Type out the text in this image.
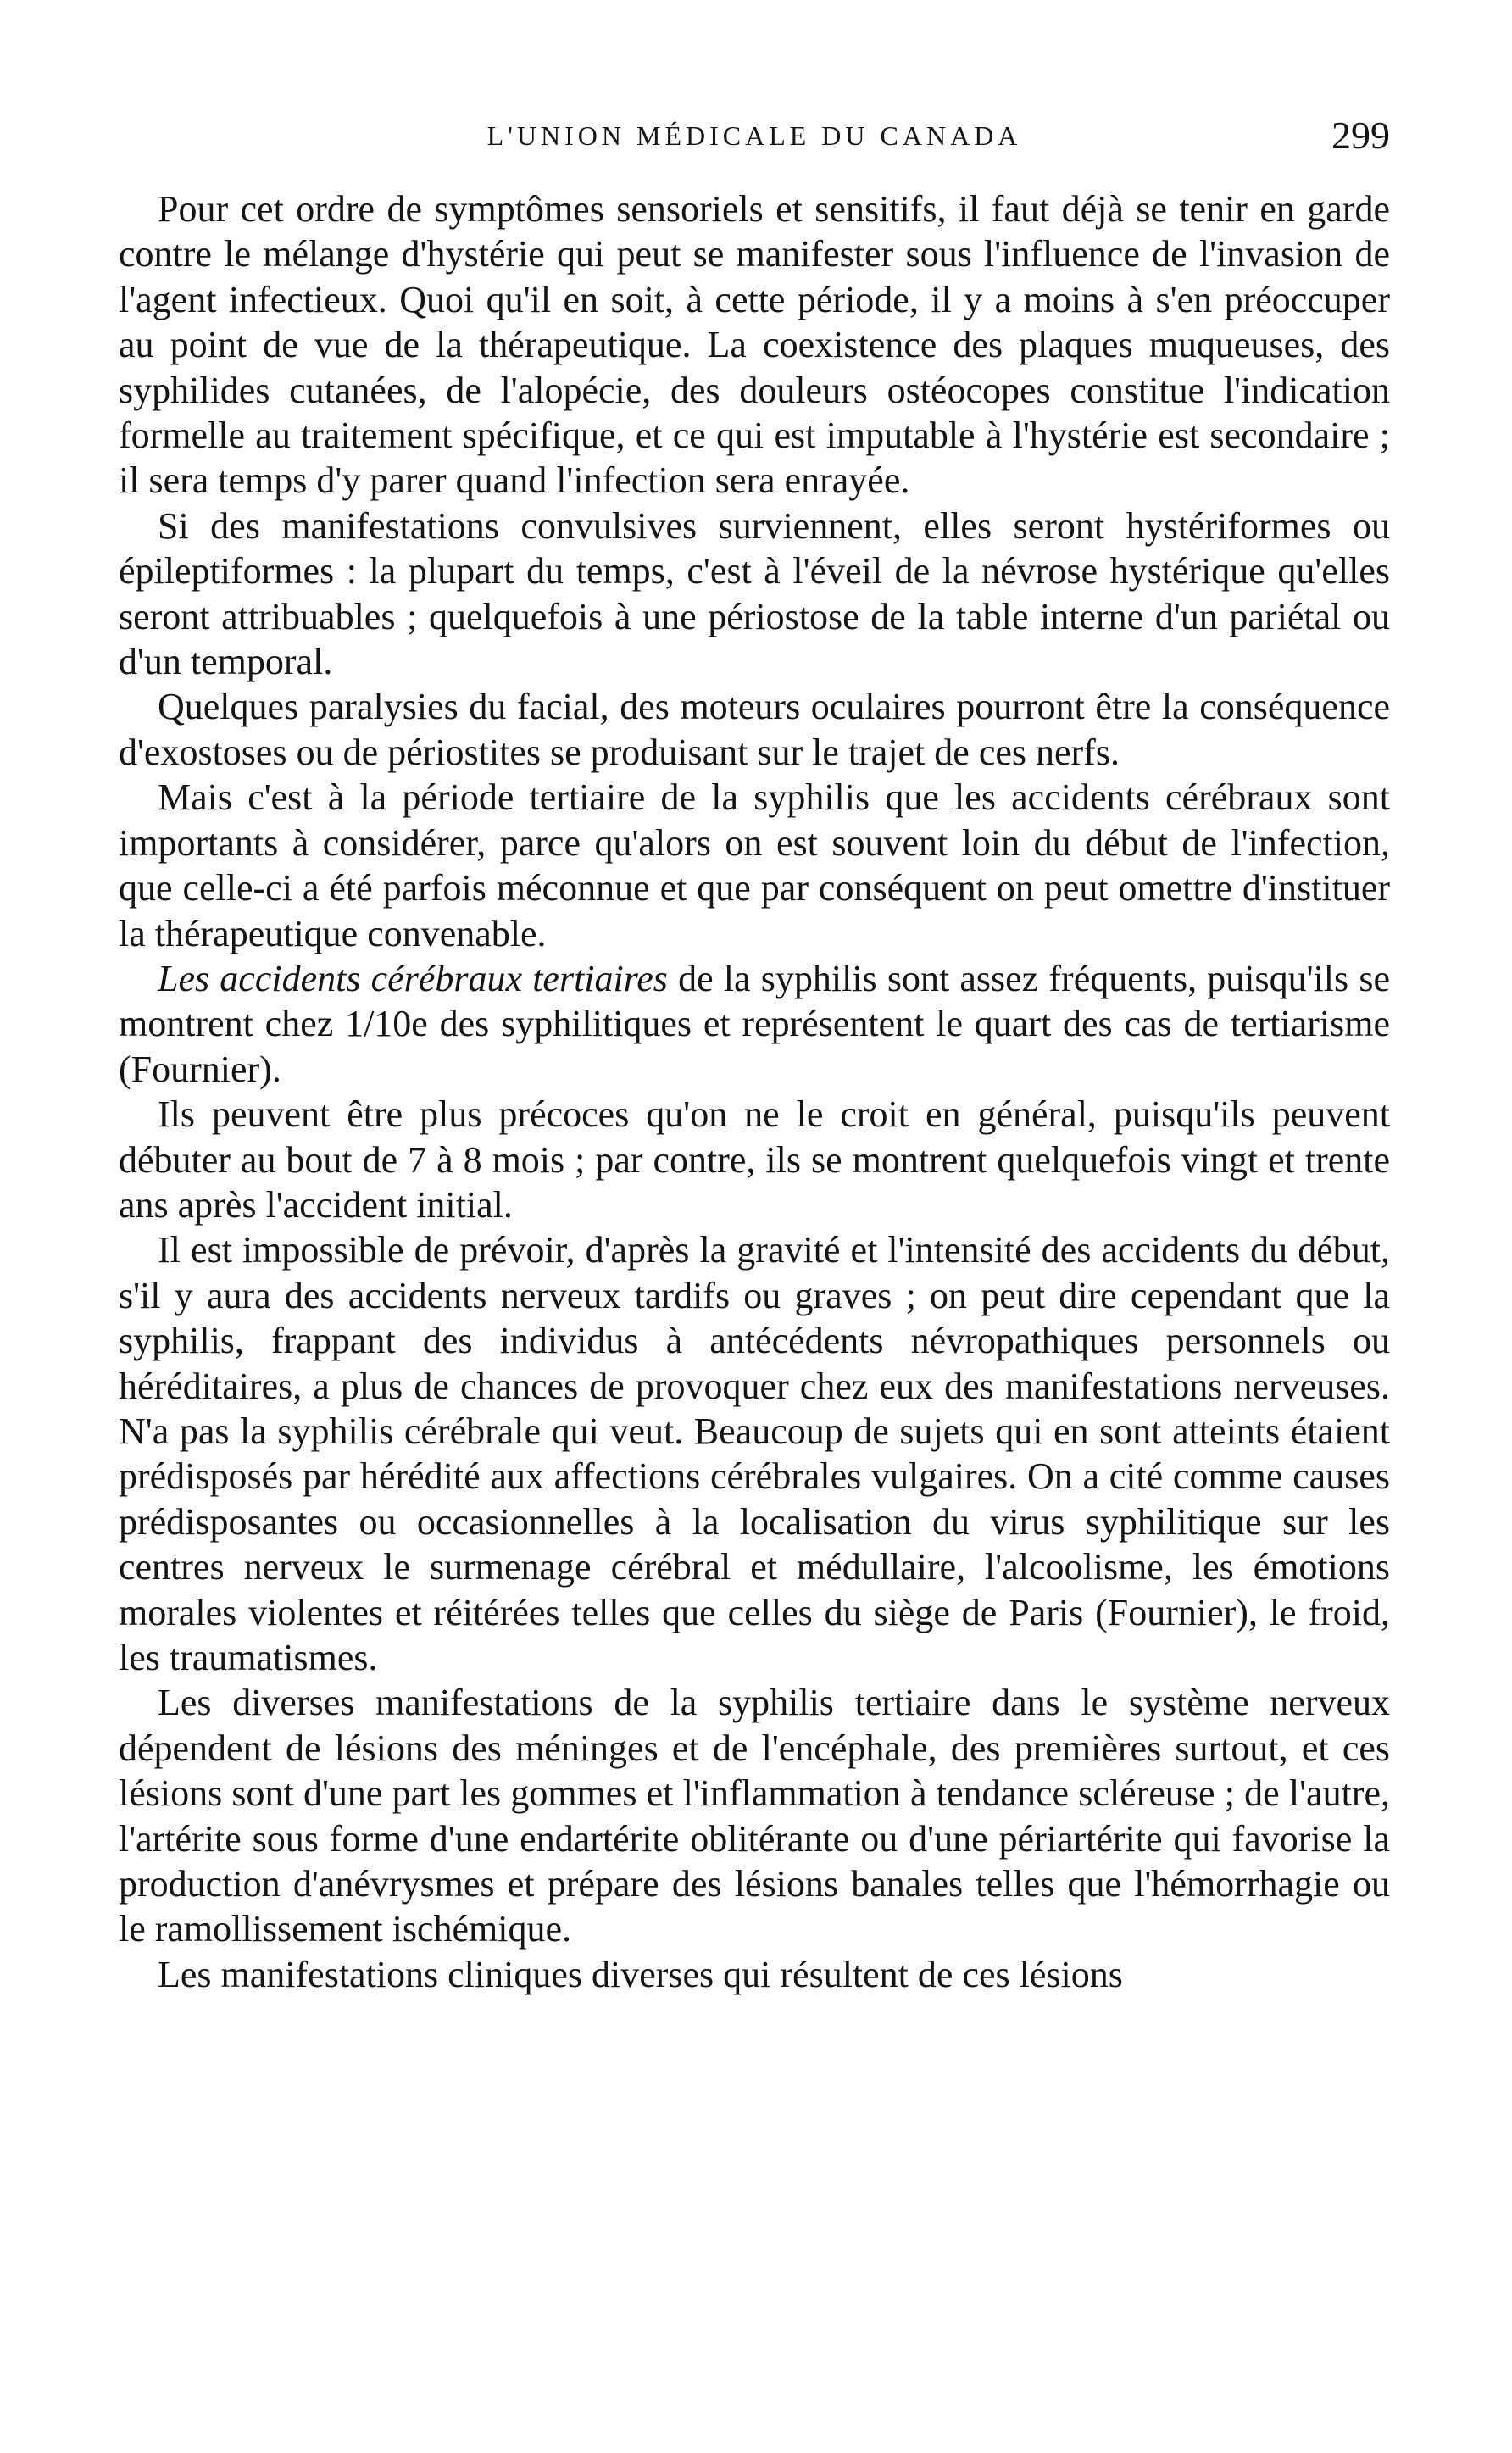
L'UNION MÉDICALE DU CANADA	299

Pour cet ordre de symptômes sensoriels et sensitifs, il faut déjà se tenir en garde contre le mélange d'hystérie qui peut se manifester sous l'influence de l'invasion de l'agent infectieux. Quoi qu'il en soit, à cette période, il y a moins à s'en préoccuper au point de vue de la thérapeutique. La coexistence des plaques muqueuses, des syphilides cutanées, de l'alopécie, des douleurs ostéocopes constitue l'indication formelle au traitement spécifique, et ce qui est imputable à l'hystérie est secondaire ; il sera temps d'y parer quand l'infection sera enrayée.

Si des manifestations convulsives surviennent, elles seront hystériformes ou épileptiformes : la plupart du temps, c'est à l'éveil de la névrose hystérique qu'elles seront attribuables ; quelquefois à une périostose de la table interne d'un pariétal ou d'un temporal.

Quelques paralysies du facial, des moteurs oculaires pourront être la conséquence d'exostoses ou de périostites se produisant sur le trajet de ces nerfs.

Mais c'est à la période tertiaire de la syphilis que les accidents cérébraux sont importants à considérer, parce qu'alors on est souvent loin du début de l'infection, que celle-ci a été parfois méconnue et que par conséquent on peut omettre d'instituer la thérapeutique convenable.

Les accidents cérébraux tertiaires de la syphilis sont assez fréquents, puisqu'ils se montrent chez 1/10e des syphilitiques et représentent le quart des cas de tertiarisme (Fournier).

Ils peuvent être plus précoces qu'on ne le croit en général, puisqu'ils peuvent débuter au bout de 7 à 8 mois ; par contre, ils se montrent quelquefois vingt et trente ans après l'accident initial.

Il est impossible de prévoir, d'après la gravité et l'intensité des accidents du début, s'il y aura des accidents nerveux tardifs ou graves ; on peut dire cependant que la syphilis, frappant des individus à antécédents névropathiques personnels ou héréditaires, a plus de chances de provoquer chez eux des manifestations nerveuses. N'a pas la syphilis cérébrale qui veut. Beaucoup de sujets qui en sont atteints étaient prédisposés par hérédité aux affections cérébrales vulgaires. On a cité comme causes prédisposantes ou occasionnelles à la localisation du virus syphilitique sur les centres nerveux le surmenage cérébral et médullaire, l'alcoolisme, les émotions morales violentes et réitérées telles que celles du siège de Paris (Fournier), le froid, les traumatismes.

Les diverses manifestations de la syphilis tertiaire dans le système nerveux dépendent de lésions des méninges et de l'encéphale, des premières surtout, et ces lésions sont d'une part les gommes et l'inflammation à tendance scléreuse ; de l'autre, l'artérite sous forme d'une endartérite oblitérante ou d'une périartérite qui favorise la production d'anévrysmes et prépare des lésions banales telles que l'hémorrhagie ou le ramollissement ischémique.

Les manifestations cliniques diverses qui résultent de ces lésions
